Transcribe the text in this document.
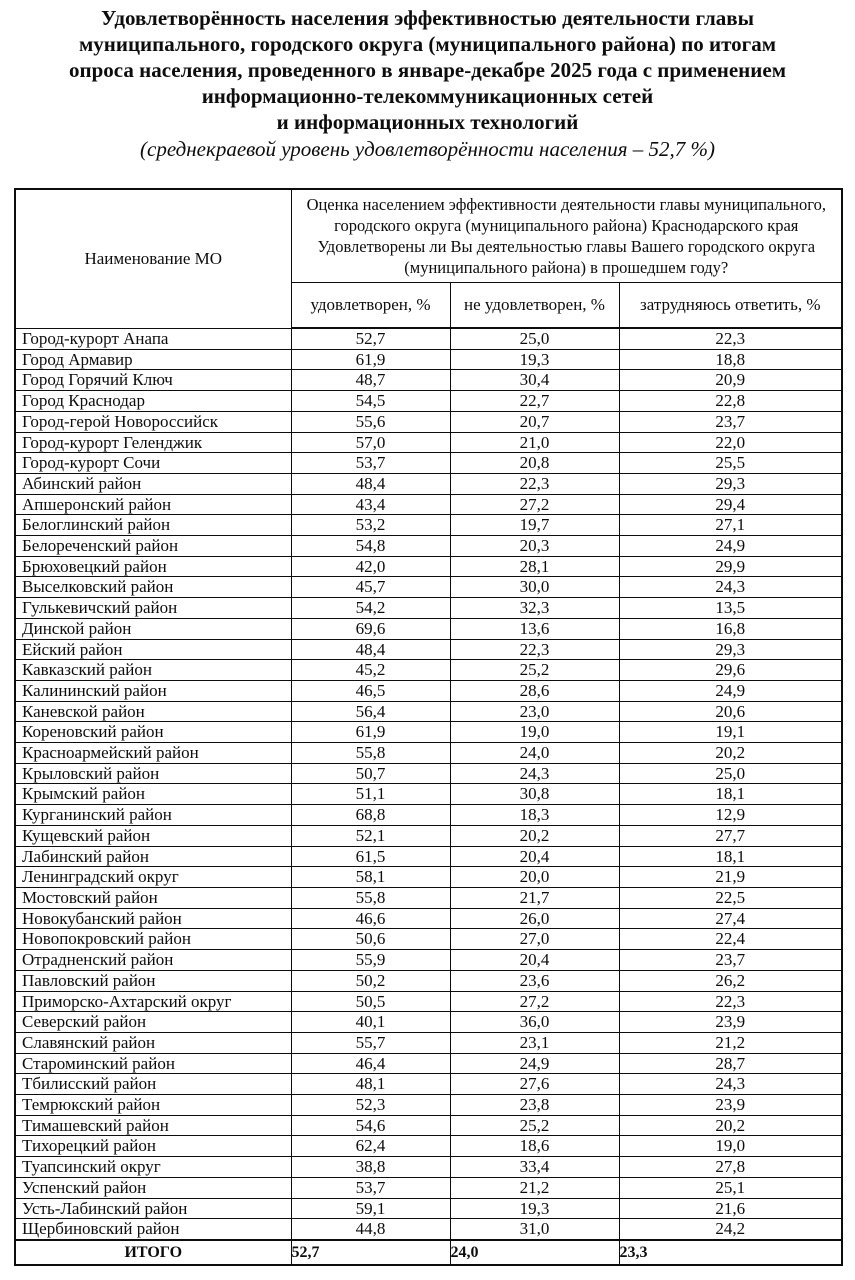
Удовлетворённость населения эффективностью деятельности главы
муниципального, городского округа (муниципального района) по итогам
опроса населения, проведенного в январе-декабре 2025 года с применением
информационно-телекоммуникационных сетей
и информационных технологий
(среднекраевой уровень удовлетворённости населения – 52,7 %)
Наименование МО	Оценка населением эффективности деятельности главы муниципального, городского округа (муниципального района) Краснодарского края Удовлетворены ли Вы деятельностью главы Вашего городского округа (муниципального района) в прошедшем году?		
	удовлетворен, %	не удовлетворен, %	затрудняюсь ответить, %
Город-курорт Анапа	52,7	25,0	22,3
Город Армавир	61,9	19,3	18,8
Город Горячий Ключ	48,7	30,4	20,9
Город Краснодар	54,5	22,7	22,8
Город-герой Новороссийск	55,6	20,7	23,7
Город-курорт Геленджик	57,0	21,0	22,0
Город-курорт Сочи	53,7	20,8	25,5
Абинский район	48,4	22,3	29,3
Апшеронский район	43,4	27,2	29,4
Белоглинский район	53,2	19,7	27,1
Белореченский район	54,8	20,3	24,9
Брюховецкий район	42,0	28,1	29,9
Выселковский район	45,7	30,0	24,3
Гулькевичский район	54,2	32,3	13,5
Динской район	69,6	13,6	16,8
Ейский район	48,4	22,3	29,3
Кавказский район	45,2	25,2	29,6
Калининский район	46,5	28,6	24,9
Каневской район	56,4	23,0	20,6
Кореновский район	61,9	19,0	19,1
Красноармейский район	55,8	24,0	20,2
Крыловский район	50,7	24,3	25,0
Крымский район	51,1	30,8	18,1
Курганинский район	68,8	18,3	12,9
Кущевский район	52,1	20,2	27,7
Лабинский район	61,5	20,4	18,1
Ленинградский округ	58,1	20,0	21,9
Мостовский район	55,8	21,7	22,5
Новокубанский район	46,6	26,0	27,4
Новопокровский район	50,6	27,0	22,4
Отрадненский район	55,9	20,4	23,7
Павловский район	50,2	23,6	26,2
Приморско-Ахтарский округ	50,5	27,2	22,3
Северский район	40,1	36,0	23,9
Славянский район	55,7	23,1	21,2
Староминский район	46,4	24,9	28,7
Тбилисский район	48,1	27,6	24,3
Темрюкский район	52,3	23,8	23,9
Тимашевский район	54,6	25,2	20,2
Тихорецкий район	62,4	18,6	19,0
Туапсинский округ	38,8	33,4	27,8
Успенский район	53,7	21,2	25,1
Усть-Лабинский район	59,1	19,3	21,6
Щербиновский район	44,8	31,0	24,2
ИТОГО	52,7	24,0	23,3
